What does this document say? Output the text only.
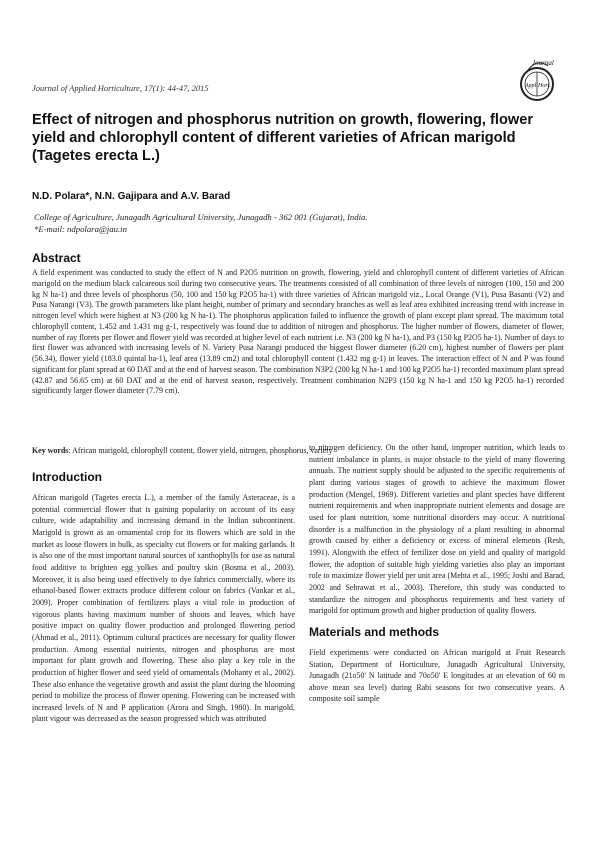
Journal of Applied Horticulture, 17(1): 44-47, 2015
Journal
Appl Hort.
Effect of nitrogen and phosphorus nutrition on growth, flowering, flower yield and chlorophyll content of different varieties of African marigold (Tagetes erecta L.)
N.D. Polara*, N.N. Gajipara and A.V. Barad
College of Agriculture, Junagadh Agricultural University, Junagadh - 362 001 (Gujarat), India.
*E-mail: ndpolara@jau.in
Abstract
A field experiment was conducted to study the effect of N and P2O5 nutrition on growth, flowering, yield and chlorophyll content of different varieties of African marigold on the medium black calcareous soil during two consecutive years. The treatments consisted of all combination of three levels of nitrogen (100, 150 and 200 kg N ha-1) and three levels of phosphorus (50, 100 and 150 kg P2O5 ha-1) with three varieties of African marigold viz., Local Orange (V1), Pusa Basanti (V2) and Pusa Narangi (V3). The growth parameters like plant height, number of primary and secondary branches as well as leaf area exhibited increasing trend with increase in nitrogen level which were highest at N3 (200 kg N ha-1). The phosphorus application failed to influence the growth of plant except plant spread. The maximum total chlorophyll content, 1.452 and 1.431 mg g-1, respectively was found due to addition of nitrogen and phosphorus. The higher number of flowers, diameter of flower, number of ray florets per flower and flower yield was recorded at higher level of each nutrient i.e. N3 (200 kg N ha-1), and P3 (150 kg P2O5 ha-1). Number of days to first flower was advanced with increasing levels of N. Variety Pusa Narangi produced the biggest flower diameter (6.20 cm), highest number of flowers per plant (56.34), flower yield (183.0 quintal ha-1), leaf area (13.89 cm2) and total chlorophyll content (1.432 mg g-1) in leaves. The interaction effect of N and P was found significant for plant spread at 60 DAT and at the end of harvest season. The combination N3P2 (200 kg N ha-1 and 100 kg P2O5 ha-1) recorded maximum plant spread (42.87 and 56.65 cm) at 60 DAT and at the end of harvest season, respectively. Treatment combination N2P3 (150 kg N ha-1 and 150 kg P2O5 ha-1) recorded significantly larger flower diameter (7.79 cm).
Key words: African marigold, chlorophyll content, flower yield, nitrogen, phosphorus, variety
Introduction

African marigold (Tagetes erecta L.), a member of the family Asteraceae, is a potential commercial flower that is gaining popularity on account of its easy culture, wide adaptability and increasing demand in the Indian subcontinent. Marigold is grown as an ornamental crop for its flowers which are sold in the market as loose flowers in bulk, as specialty cut flowers or for making garlands. It is also one of the most important natural sources of xanthophylls for use as natural food additive to brighten egg yolkes and poultry skin (Bosma et al., 2003). Moreover, it is also being used effectively to dye fabrics commercially, where its ethanol-based flower extracts produce different colour on fabrics (Vankar et al., 2009). Proper combination of fertilizers plays a vital role in production of vigorous plants having maximum number of shoots and leaves, which have positive impact on quality flower production and prolonged flowering period (Ahmad et al., 2011). Optimum cultural practices are necessary for quality flower production. Among essential nutrients, nitrogen and phosphorus are most important for plant growth and flowering. These also play a key role in the production of higher flower and seed yield of ornamentals (Mohanty et al., 2002). These also enhance the vegetative growth and assist the plant during the blooming period to mobilize the process of flower opening. Flowering can be increased with increased levels of N and P application (Arora and Singh, 1980). In marigold, plant vigour was decreased as the season progressed which was attributed

to nitrogen deficiency. On the other hand, improper nutrition, which leads to nutrient imbalance in plants, is major obstacle to the yield of many flowering annuals. The nutrient supply should be adjusted to the specific requirements of plant during various stages of growth to achieve the maximum flower production (Mengel, 1969). Different varieties and plant species have different nutrient requirements and when inappropriate nutrient elements and dosage are used for plant nutrition, some nutritional disorders may occur. A nutritional disorder is a malfunction in the physiology of a plant resulting in abnormal growth caused by either a deficiency or excess of mineral elements (Resh, 1991). Alongwith the effect of fertilizer dose on yield and quality of marigold flower, the adoption of suitable high yielding varieties also play an important role to maximize flower yield per unit area (Mehta et al., 1995; Joshi and Barad, 2002 and Sehrawat et al., 2003). Therefore, this study was conducted to standardize the nitrogen and phosphorus requirements and best variety of marigold for optimum growth and higher production of quality flowers.

Materials and methods

Field experiments were conducted on African marigold at Fruit Research Station, Department of Horticulture, Junagadh Agricultural University, Junagadh (21o50' N latitude and 70o50' E longitudes at an elevation of 60 m above mean sea level) during Rabi seasons for two consecutive years. A composite soil sample
